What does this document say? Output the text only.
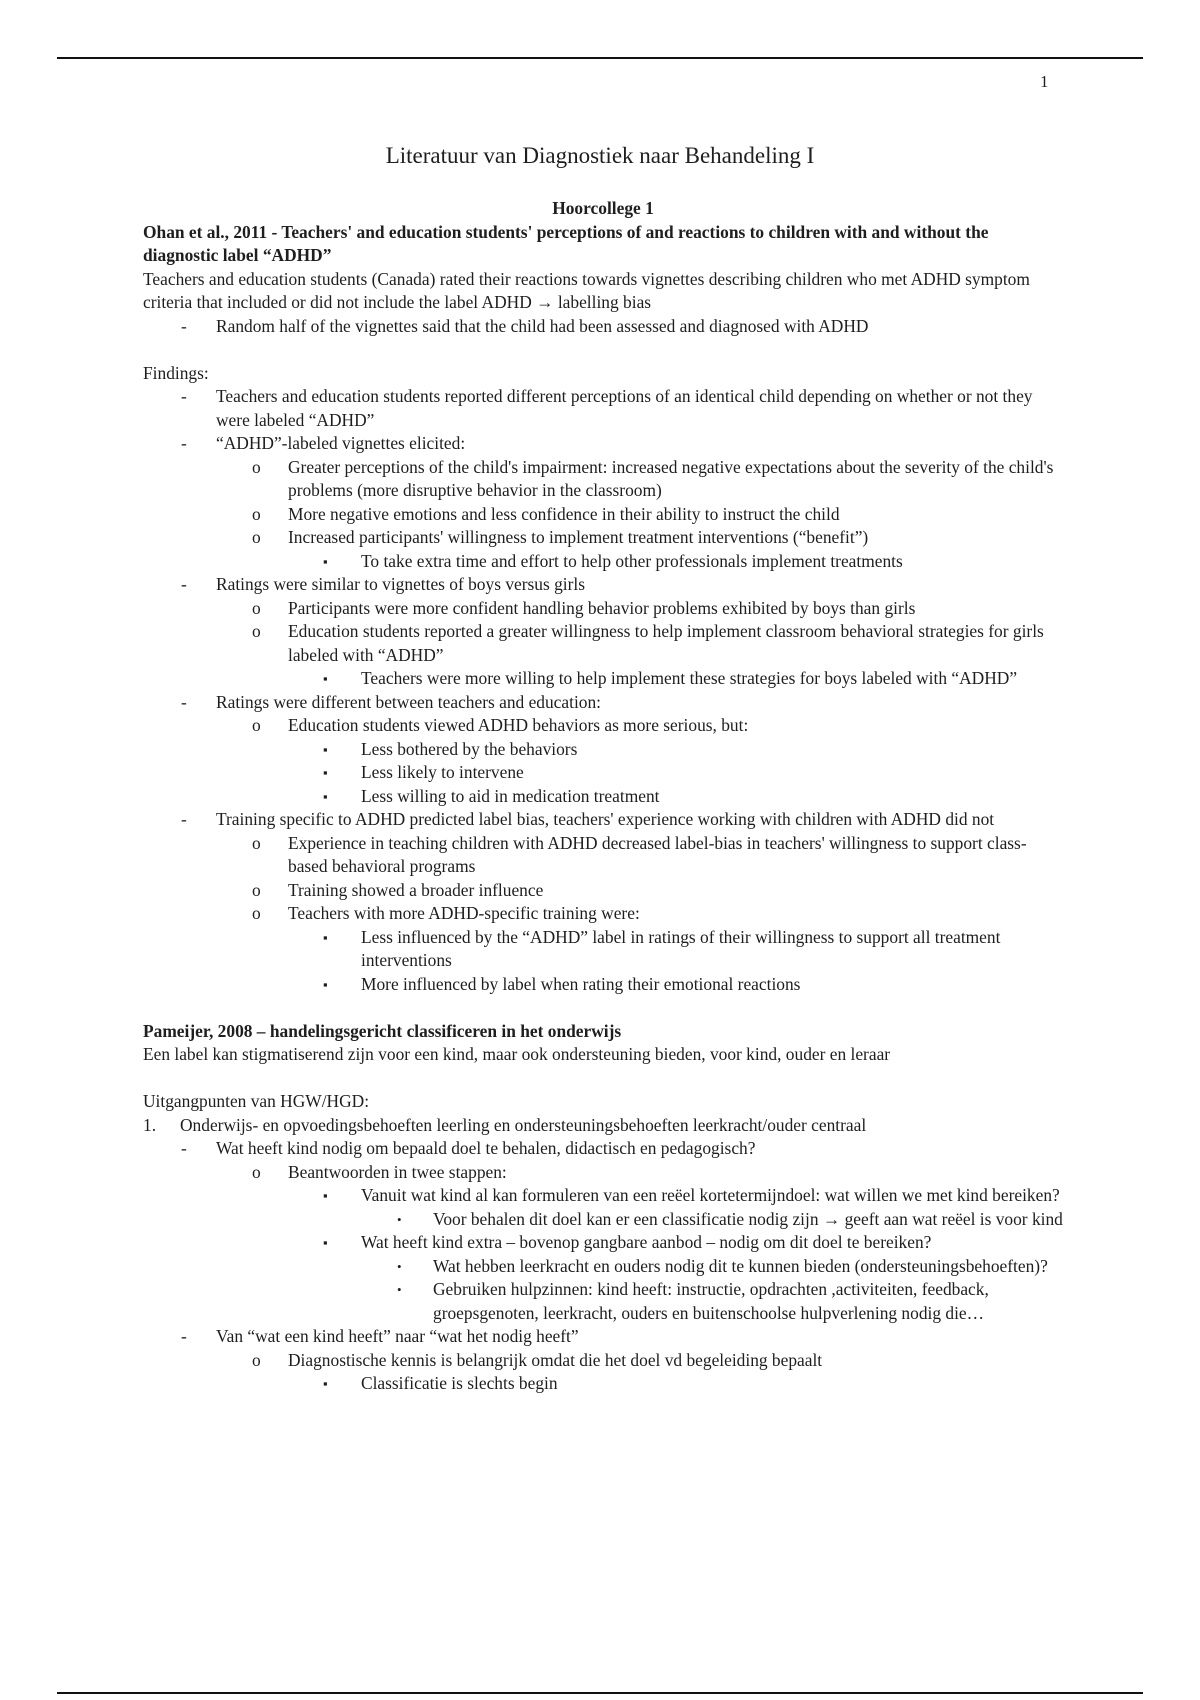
1
Literatuur van Diagnostiek naar Behandeling I
Hoorcollege 1
Ohan et al., 2011 - Teachers' and education students' perceptions of and reactions to children with and without the diagnostic label “ADHD”
Teachers and education students (Canada) rated their reactions towards vignettes describing children who met ADHD symptom criteria that included or did not include the label ADHD → labelling bias
- Random half of the vignettes said that the child had been assessed and diagnosed with ADHD
Findings:
- Teachers and education students reported different perceptions of an identical child depending on whether or not they were labeled “ADHD”
- “ADHD”-labeled vignettes elicited:
o Greater perceptions of the child's impairment: increased negative expectations about the severity of the child's problems (more disruptive behavior in the classroom)
o More negative emotions and less confidence in their ability to instruct the child
o Increased participants' willingness to implement treatment interventions (“benefit”)
▪ To take extra time and effort to help other professionals implement treatments
- Ratings were similar to vignettes of boys versus girls
o Participants were more confident handling behavior problems exhibited by boys than girls
o Education students reported a greater willingness to help implement classroom behavioral strategies for girls labeled with “ADHD”
▪ Teachers were more willing to help implement these strategies for boys labeled with “ADHD”
- Ratings were different between teachers and education:
o Education students viewed ADHD behaviors as more serious, but:
▪ Less bothered by the behaviors
▪ Less likely to intervene
▪ Less willing to aid in medication treatment
- Training specific to ADHD predicted label bias, teachers' experience working with children with ADHD did not
o Experience in teaching children with ADHD decreased label-bias in teachers' willingness to support class-based behavioral programs
o Training showed a broader influence
o Teachers with more ADHD-specific training were:
▪ Less influenced by the “ADHD” label in ratings of their willingness to support all treatment interventions
▪ More influenced by label when rating their emotional reactions
Pameijer, 2008 – handelingsgericht classificeren in het onderwijs
Een label kan stigmatiserend zijn voor een kind, maar ook ondersteuning bieden, voor kind, ouder en leraar
Uitgangpunten van HGW/HGD:
1. Onderwijs- en opvoedingsbehoeften leerling en ondersteuningsbehoeften leerkracht/ouder centraal
- Wat heeft kind nodig om bepaald doel te behalen, didactisch en pedagogisch?
o Beantwoorden in twee stappen:
▪ Vanuit wat kind al kan formuleren van een reëel kortetermijndoel: wat willen we met kind bereiken?
• Voor behalen dit doel kan er een classificatie nodig zijn → geeft aan wat reëel is voor kind
▪ Wat heeft kind extra – bovenop gangbare aanbod – nodig om dit doel te bereiken?
• Wat hebben leerkracht en ouders nodig dit te kunnen bieden (ondersteuningsbehoeften)?
• Gebruiken hulpzinnen: kind heeft: instructie, opdrachten ,activiteiten, feedback, groepsgenoten, leerkracht, ouders en buitenschoolse hulpverlening nodig die…
- Van “wat een kind heeft” naar “wat het nodig heeft”
o Diagnostische kennis is belangrijk omdat die het doel vd begeleiding bepaalt
▪ Classificatie is slechts begin
